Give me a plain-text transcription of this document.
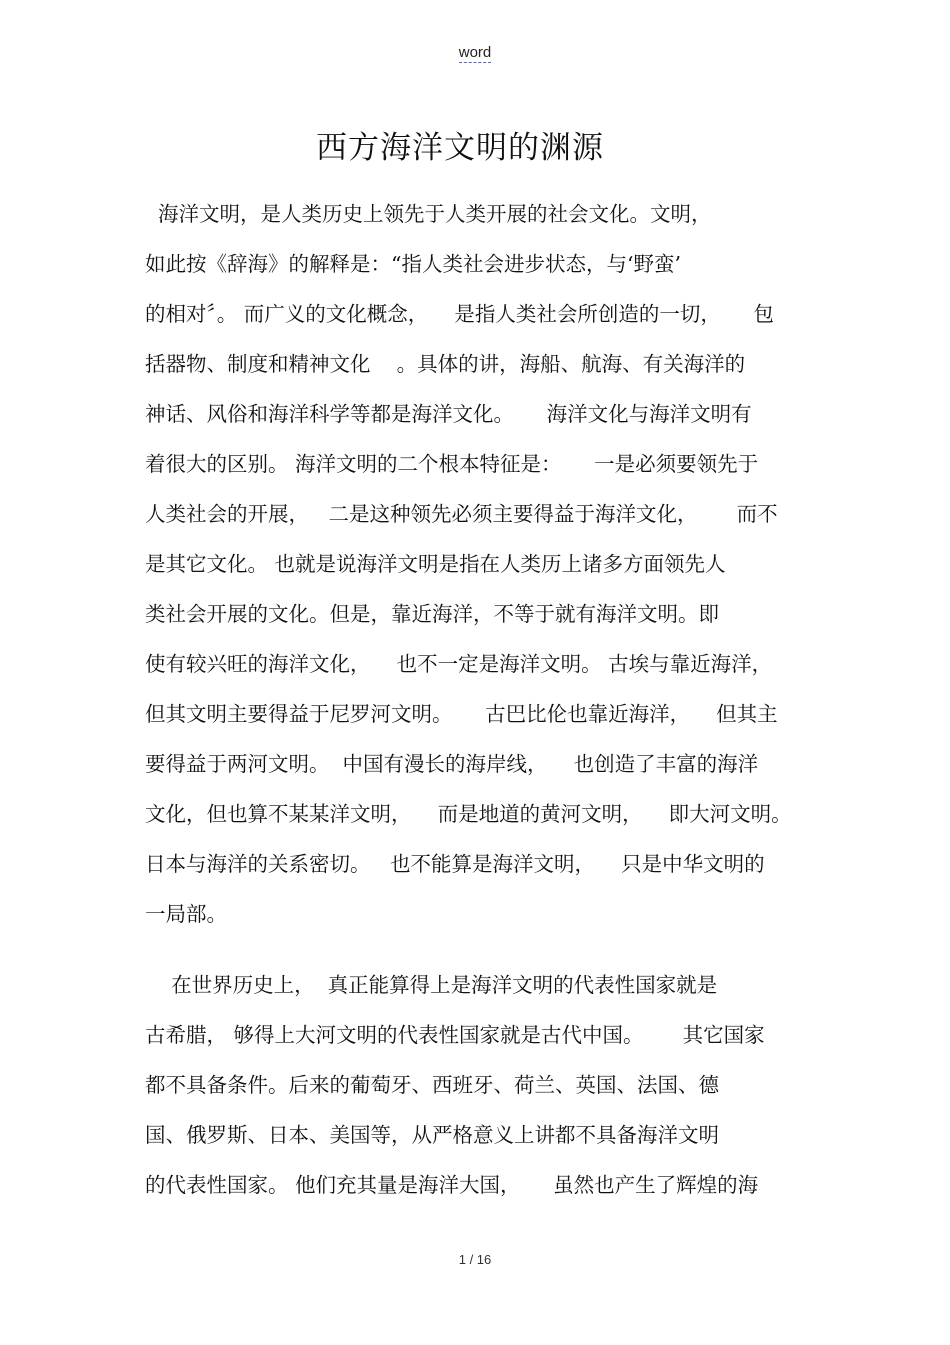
word
西方海洋文明的渊源
海洋文明，是人类历史上领先于人类开展的社会文化。文明，
如此按《辞海》的解释是：“指人类社会进步状态，与‘野蛮’
的相对〞。 而广义的文化概念，    是指人类社会所创造的一切，     包
括器物、制度和精神文化    。具体的讲，海船、航海、有关海洋的
神话、风俗和海洋科学等都是海洋文化。     海洋文化与海洋文明有
着很大的区别。 海洋文明的二个根本特征是：     一是必须要领先于
人类社会的开展，   二是这种领先必须主要得益于海洋文化，      而不
是其它文化。 也就是说海洋文明是指在人类历上诸多方面领先人
类社会开展的文化。但是，靠近海洋，不等于就有海洋文明。即
使有较兴旺的海洋文化，    也不一定是海洋文明。 古埃与靠近海洋，
但其文明主要得益于尼罗河文明。     古巴比伦也靠近海洋，    但其主
要得益于两河文明。  中国有漫长的海岸线，    也创造了丰富的海洋
文化，但也算不某某洋文明，    而是地道的黄河文明，    即大河文明。
日本与海洋的关系密切。   也不能算是海洋文明，    只是中华文明的
一局部。
在世界历史上，  真正能算得上是海洋文明的代表性国家就是
古希腊， 够得上大河文明的代表性国家就是古代中国。      其它国家
都不具备条件。后来的葡萄牙、西班牙、荷兰、英国、法国、德
国、俄罗斯、日本、美国等，从严格意义上讲都不具备海洋文明
的代表性国家。 他们充其量是海洋大国，     虽然也产生了辉煌的海
1 / 16
